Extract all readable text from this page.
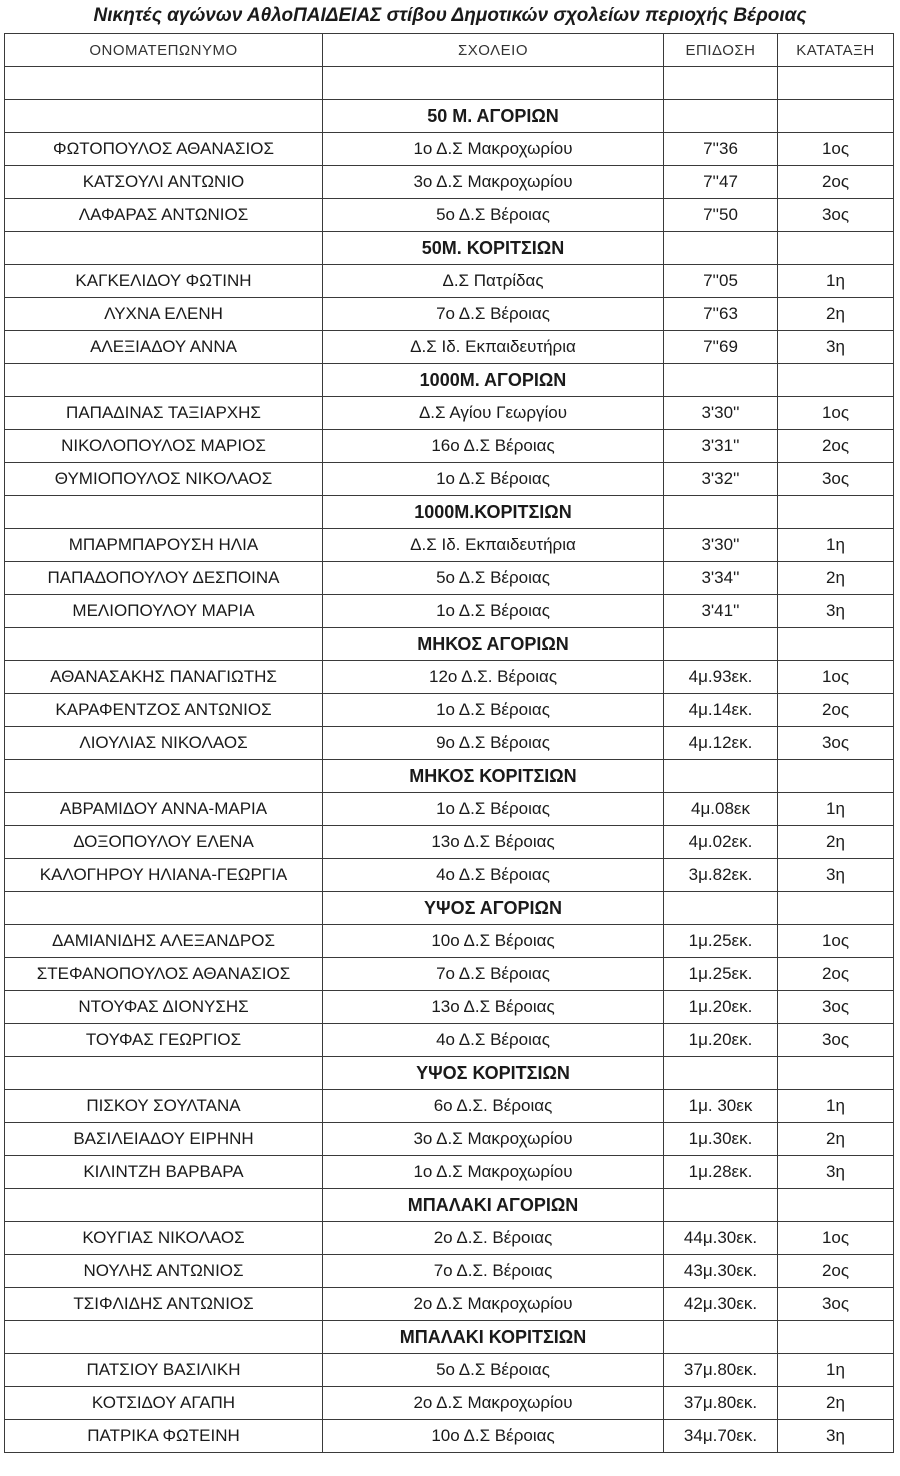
Νικητές αγώνων ΑθλοΠΑΙΔΕΙΑΣ στίβου Δημοτικών σχολείων περιοχής Βέροιας
ΟΝΟΜΑΤΕΠΩΝΥΜΟ	ΣΧΟΛΕΙΟ	ΕΠΙΔΟΣΗ	ΚΑΤΑΤΑΞΗ

	50 Μ. ΑΓΟΡΙΩΝ		
ΦΩΤΟΠΟΥΛΟΣ ΑΘΑΝΑΣΙΟΣ	1ο Δ.Σ Μακροχωρίου	7''36	1ος
ΚΑΤΣΟΥΛΙ ΑΝΤΩΝΙΟ	3ο Δ.Σ Μακροχωρίου	7''47	2ος
ΛΑΦΑΡΑΣ ΑΝΤΩΝΙΟΣ	5ο Δ.Σ Βέροιας	7''50	3ος
	50Μ. ΚΟΡΙΤΣΙΩΝ		
ΚΑΓΚΕΛΙΔΟΥ ΦΩΤΙΝΗ	Δ.Σ Πατρίδας	7''05	1η
ΛΥΧΝΑ ΕΛΕΝΗ	7ο Δ.Σ Βέροιας	7''63	2η
ΑΛΕΞΙΑΔΟΥ ΑΝΝΑ	Δ.Σ Ιδ. Εκπαιδευτήρια	7''69	3η
	1000Μ. ΑΓΟΡΙΩΝ		
ΠΑΠΑΔΙΝΑΣ ΤΑΞΙΑΡΧΗΣ	Δ.Σ Αγίου Γεωργίου	3'30''	1ος
ΝΙΚΟΛΟΠΟΥΛΟΣ ΜΑΡΙΟΣ	16ο Δ.Σ Βέροιας	3'31''	2ος
ΘΥΜΙΟΠΟΥΛΟΣ ΝΙΚΟΛΑΟΣ	1ο Δ.Σ Βέροιας	3'32''	3ος
	1000Μ.ΚΟΡΙΤΣΙΩΝ		
ΜΠΑΡΜΠΑΡΟΥΣΗ ΗΛΙΑ	Δ.Σ Ιδ. Εκπαιδευτήρια	3'30''	1η
ΠΑΠΑΔΟΠΟΥΛΟΥ ΔΕΣΠΟΙΝΑ	5ο Δ.Σ Βέροιας	3'34''	2η
ΜΕΛΙΟΠΟΥΛΟΥ ΜΑΡΙΑ	1ο Δ.Σ Βέροιας	3'41''	3η
	ΜΗΚΟΣ ΑΓΟΡΙΩΝ		
ΑΘΑΝΑΣΑΚΗΣ ΠΑΝΑΓΙΩΤΗΣ	12ο Δ.Σ. Βέροιας	4μ.93εκ.	1ος
ΚΑΡΑΦΕΝΤΖΟΣ ΑΝΤΩΝΙΟΣ	1ο Δ.Σ Βέροιας	4μ.14εκ.	2ος
ΛΙΟΥΛΙΑΣ ΝΙΚΟΛΑΟΣ	9ο Δ.Σ Βέροιας	4μ.12εκ.	3ος
	ΜΗΚΟΣ ΚΟΡΙΤΣΙΩΝ		
ΑΒΡΑΜΙΔΟΥ ΑΝΝΑ-ΜΑΡΙΑ	1ο Δ.Σ Βέροιας	4μ.08εκ	1η
ΔΟΞΟΠΟΥΛΟΥ ΕΛΕΝΑ	13ο Δ.Σ Βέροιας	4μ.02εκ.	2η
ΚΑΛΟΓΗΡΟΥ ΗΛΙΑΝΑ-ΓΕΩΡΓΙΑ	4ο Δ.Σ Βέροιας	3μ.82εκ.	3η
	ΥΨΟΣ ΑΓΟΡΙΩΝ		
ΔΑΜΙΑΝΙΔΗΣ ΑΛΕΞΑΝΔΡΟΣ	10ο Δ.Σ Βέροιας	1μ.25εκ.	1ος
ΣΤΕΦΑΝΟΠΟΥΛΟΣ ΑΘΑΝΑΣΙΟΣ	7ο Δ.Σ Βέροιας	1μ.25εκ.	2ος
ΝΤΟΥΦΑΣ ΔΙΟΝΥΣΗΣ	13ο Δ.Σ Βέροιας	1μ.20εκ.	3ος
ΤΟΥΦΑΣ ΓΕΩΡΓΙΟΣ	4ο Δ.Σ Βέροιας	1μ.20εκ.	3ος
	ΥΨΟΣ ΚΟΡΙΤΣΙΩΝ		
ΠΙΣΚΟΥ ΣΟΥΛΤΑΝΑ	6ο Δ.Σ. Βέροιας	1μ. 30εκ	1η
ΒΑΣΙΛΕΙΑΔΟΥ ΕΙΡΗΝΗ	3ο Δ.Σ Μακροχωρίου	1μ.30εκ.	2η
ΚΙΛΙΝΤΖΗ ΒΑΡΒΑΡΑ	1ο Δ.Σ Μακροχωρίου	1μ.28εκ.	3η
	ΜΠΑΛΑΚΙ ΑΓΟΡΙΩΝ		
ΚΟΥΓΙΑΣ ΝΙΚΟΛΑΟΣ	2ο Δ.Σ. Βέροιας	44μ.30εκ.	1ος
ΝΟΥΛΗΣ ΑΝΤΩΝΙΟΣ	7ο Δ.Σ. Βέροιας	43μ.30εκ.	2ος
ΤΣΙΦΛΙΔΗΣ ΑΝΤΩΝΙΟΣ	2ο Δ.Σ Μακροχωρίου	42μ.30εκ.	3ος
	ΜΠΑΛΑΚΙ ΚΟΡΙΤΣΙΩΝ		
ΠΑΤΣΙΟΥ ΒΑΣΙΛΙΚΗ	5ο Δ.Σ Βέροιας	37μ.80εκ.	1η
ΚΟΤΣΙΔΟΥ ΑΓΑΠΗ	2ο Δ.Σ Μακροχωρίου	37μ.80εκ.	2η
ΠΑΤΡΙΚΑ ΦΩΤΕΙΝΗ	10ο Δ.Σ Βέροιας	34μ.70εκ.	3η
